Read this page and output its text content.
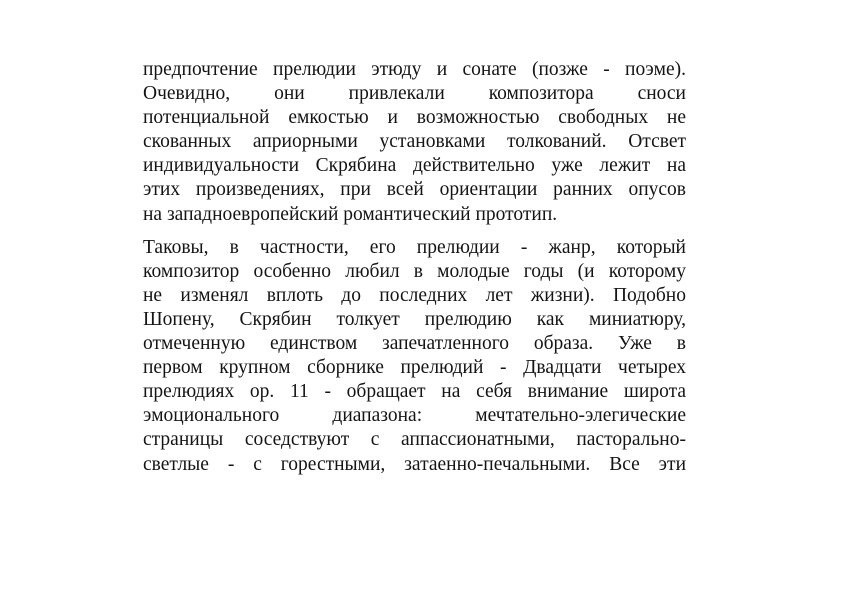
предпочтение прелюдии этюду и сонате (позже - поэме).
Очевидно, они привлекали композитора сноси
потенциальной емкостью и возможностью свободных не
скованных априорными установками толкований. Отсвет
индивидуальности Скрябина действительно уже лежит на
этих произведениях, при всей ориентации ранних опусов
на западноевропейский романтический прототип.
Таковы, в частности, его прелюдии - жанр, который
композитор особенно любил в молодые годы (и которому
не изменял вплоть до последних лет жизни). Подобно
Шопену, Скрябин толкует прелюдию как миниатюру,
отмеченную единством запечатленного образа. Уже в
первом крупном сборнике прелюдий - Двадцати четырех
прелюдиях ор. 11 - обращает на себя внимание широта
эмоционального диапазона: мечтательно-элегические
страницы соседствуют с аппассионатными, пасторально-
светлые - с горестными, затаенно-печальными. Все эти
